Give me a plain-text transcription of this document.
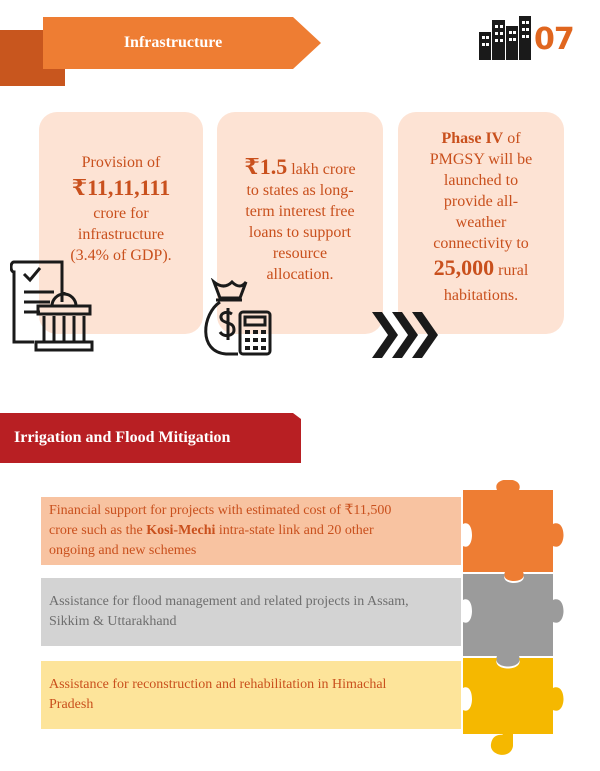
Infrastructure	07
Provision of
₹11,11,111
crore for
infrastructure
(3.4% of GDP).
₹1.5 lakh crore
to states as long-
term interest free
loans to support
resource
allocation.
Phase IV of
PMGSY will be
launched to
provide all-
weather
connectivity to
25,000 rural
habitations.
Irrigation and Flood Mitigation
Financial support for projects with estimated cost of ₹11,500
crore such as the Kosi-Mechi intra-state link and 20 other
ongoing and new schemes
Assistance for flood management and related projects in Assam,
Sikkim & Uttarakhand
Assistance for reconstruction and rehabilitation in Himachal
Pradesh
